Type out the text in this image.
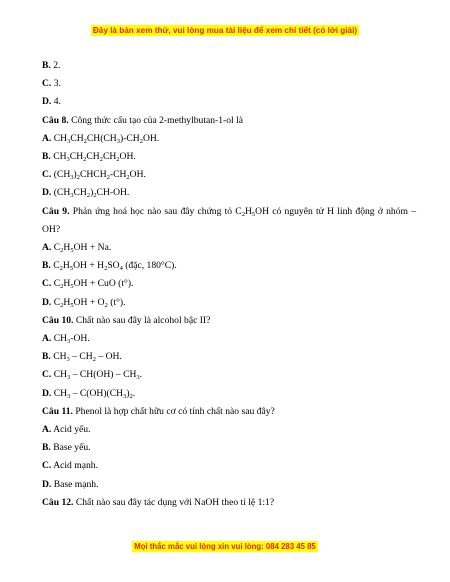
Đây là bản xem thử, vui lòng mua tài liệu để xem chi tiết (có lời giải)
B. 2.
C. 3.
D. 4.
Câu 8. Công thức cấu tạo của 2-methylbutan-1-ol là
A. $CH_3CH_2CH(CH_3)-CH_2OH$.
B. $CH_3CH_2CH_2CH_2OH$.
C. $(CH_3)_2CHCH_2-CH_2OH$.
D. $(CH_3CH_2)_2CH-OH$.
Câu 9. Phản ứng hoá học nào sau đây chứng tỏ $C_2H_5OH$ có nguyên tử H linh động ở nhóm –OH?
A. $C_2H_5OH + Na$.
B. $C_2H_5OH + H_2SO_4$ (đặc, 180°C).
C. $C_2H_5OH$ + CuO (t°).
D. $C_2H_5OH + O_2$ (t°).
Câu 10. Chất nào sau đây là alcohol bậc II?
A. $CH_3-OH$.
B. $CH_3 - CH_2$ – OH.
C. $CH_3 - CH(OH) - CH_3$.
D. $CH_3 - C(OH)(CH_3)_2$.
Câu 11. Phenol là hợp chất hữu cơ có tính chất nào sau đây?
A. Acid yếu.
B. Base yếu.
C. Acid mạnh.
D. Base mạnh.
Câu 12. Chất nào sau đây tác dụng với NaOH theo tỉ lệ 1:1?
Mọi thắc mắc vui lòng xin vui lòng: 084 283 45 85
